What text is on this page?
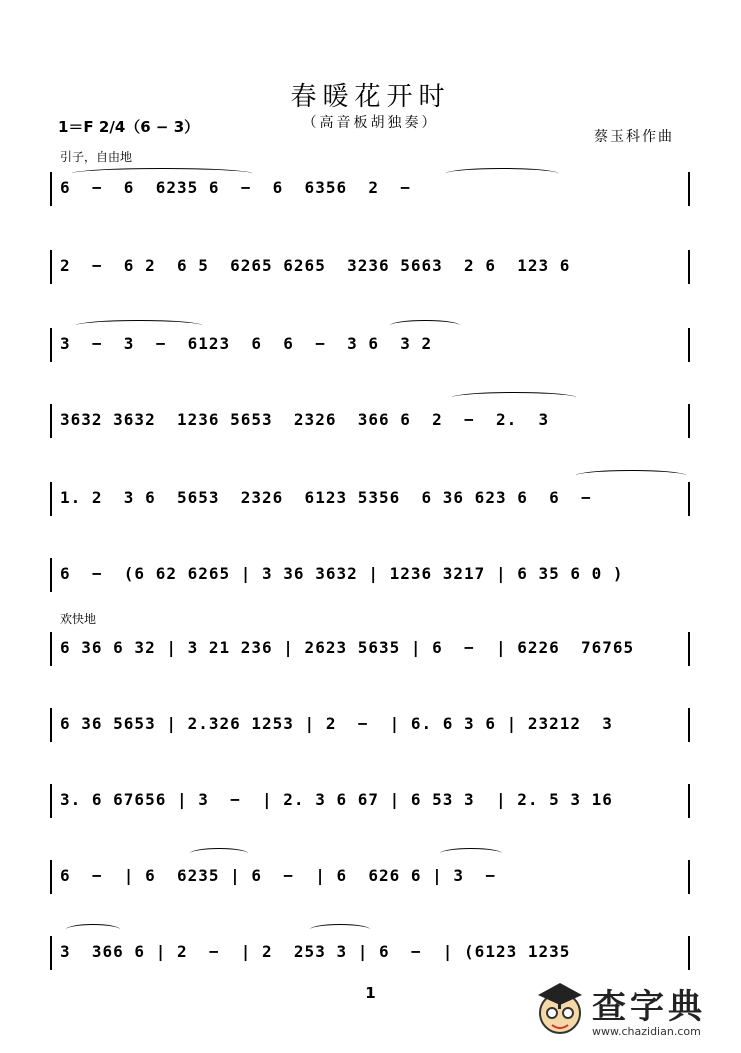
春暖花开时
（高音板胡独奏）
1＝F 2/4（6 − 3）
蔡玉科作曲
引子，自由地
欢快地
6  −  6  6235 6  −  6  6356  2  −
2  −  6 2  6 5  6265 6265  3236 5663  2 6  123 6
3  −  3  −  6123  6  6  −  3 6  3 2
3632 3632  1236 5653  2326  366 6  2  −  2.  3
1. 2  3 6  5653  2326  6123 5356  6 36 623 6  6  −
6  −  (6 62 6265 | 3 36 3632 | 1236 3217 | 6 35 6 0 )
6 36 6 32 | 3 21 236 | 2623 5635 | 6  −  | 6226  76765
6 36 5653 | 2.326 1253 | 2  −  | 6. 6 3 6 | 23212  3
3. 6 67656 | 3  −  | 2. 3 6 67 | 6 53 3  | 2. 5 3 16
6  −  | 6  6235 | 6  −  | 6  626 6 | 3  −
3  366 6 | 2  −  | 2  253 3 | 6  −  | (6123 1235
1	查字典
www.chazidian.com
